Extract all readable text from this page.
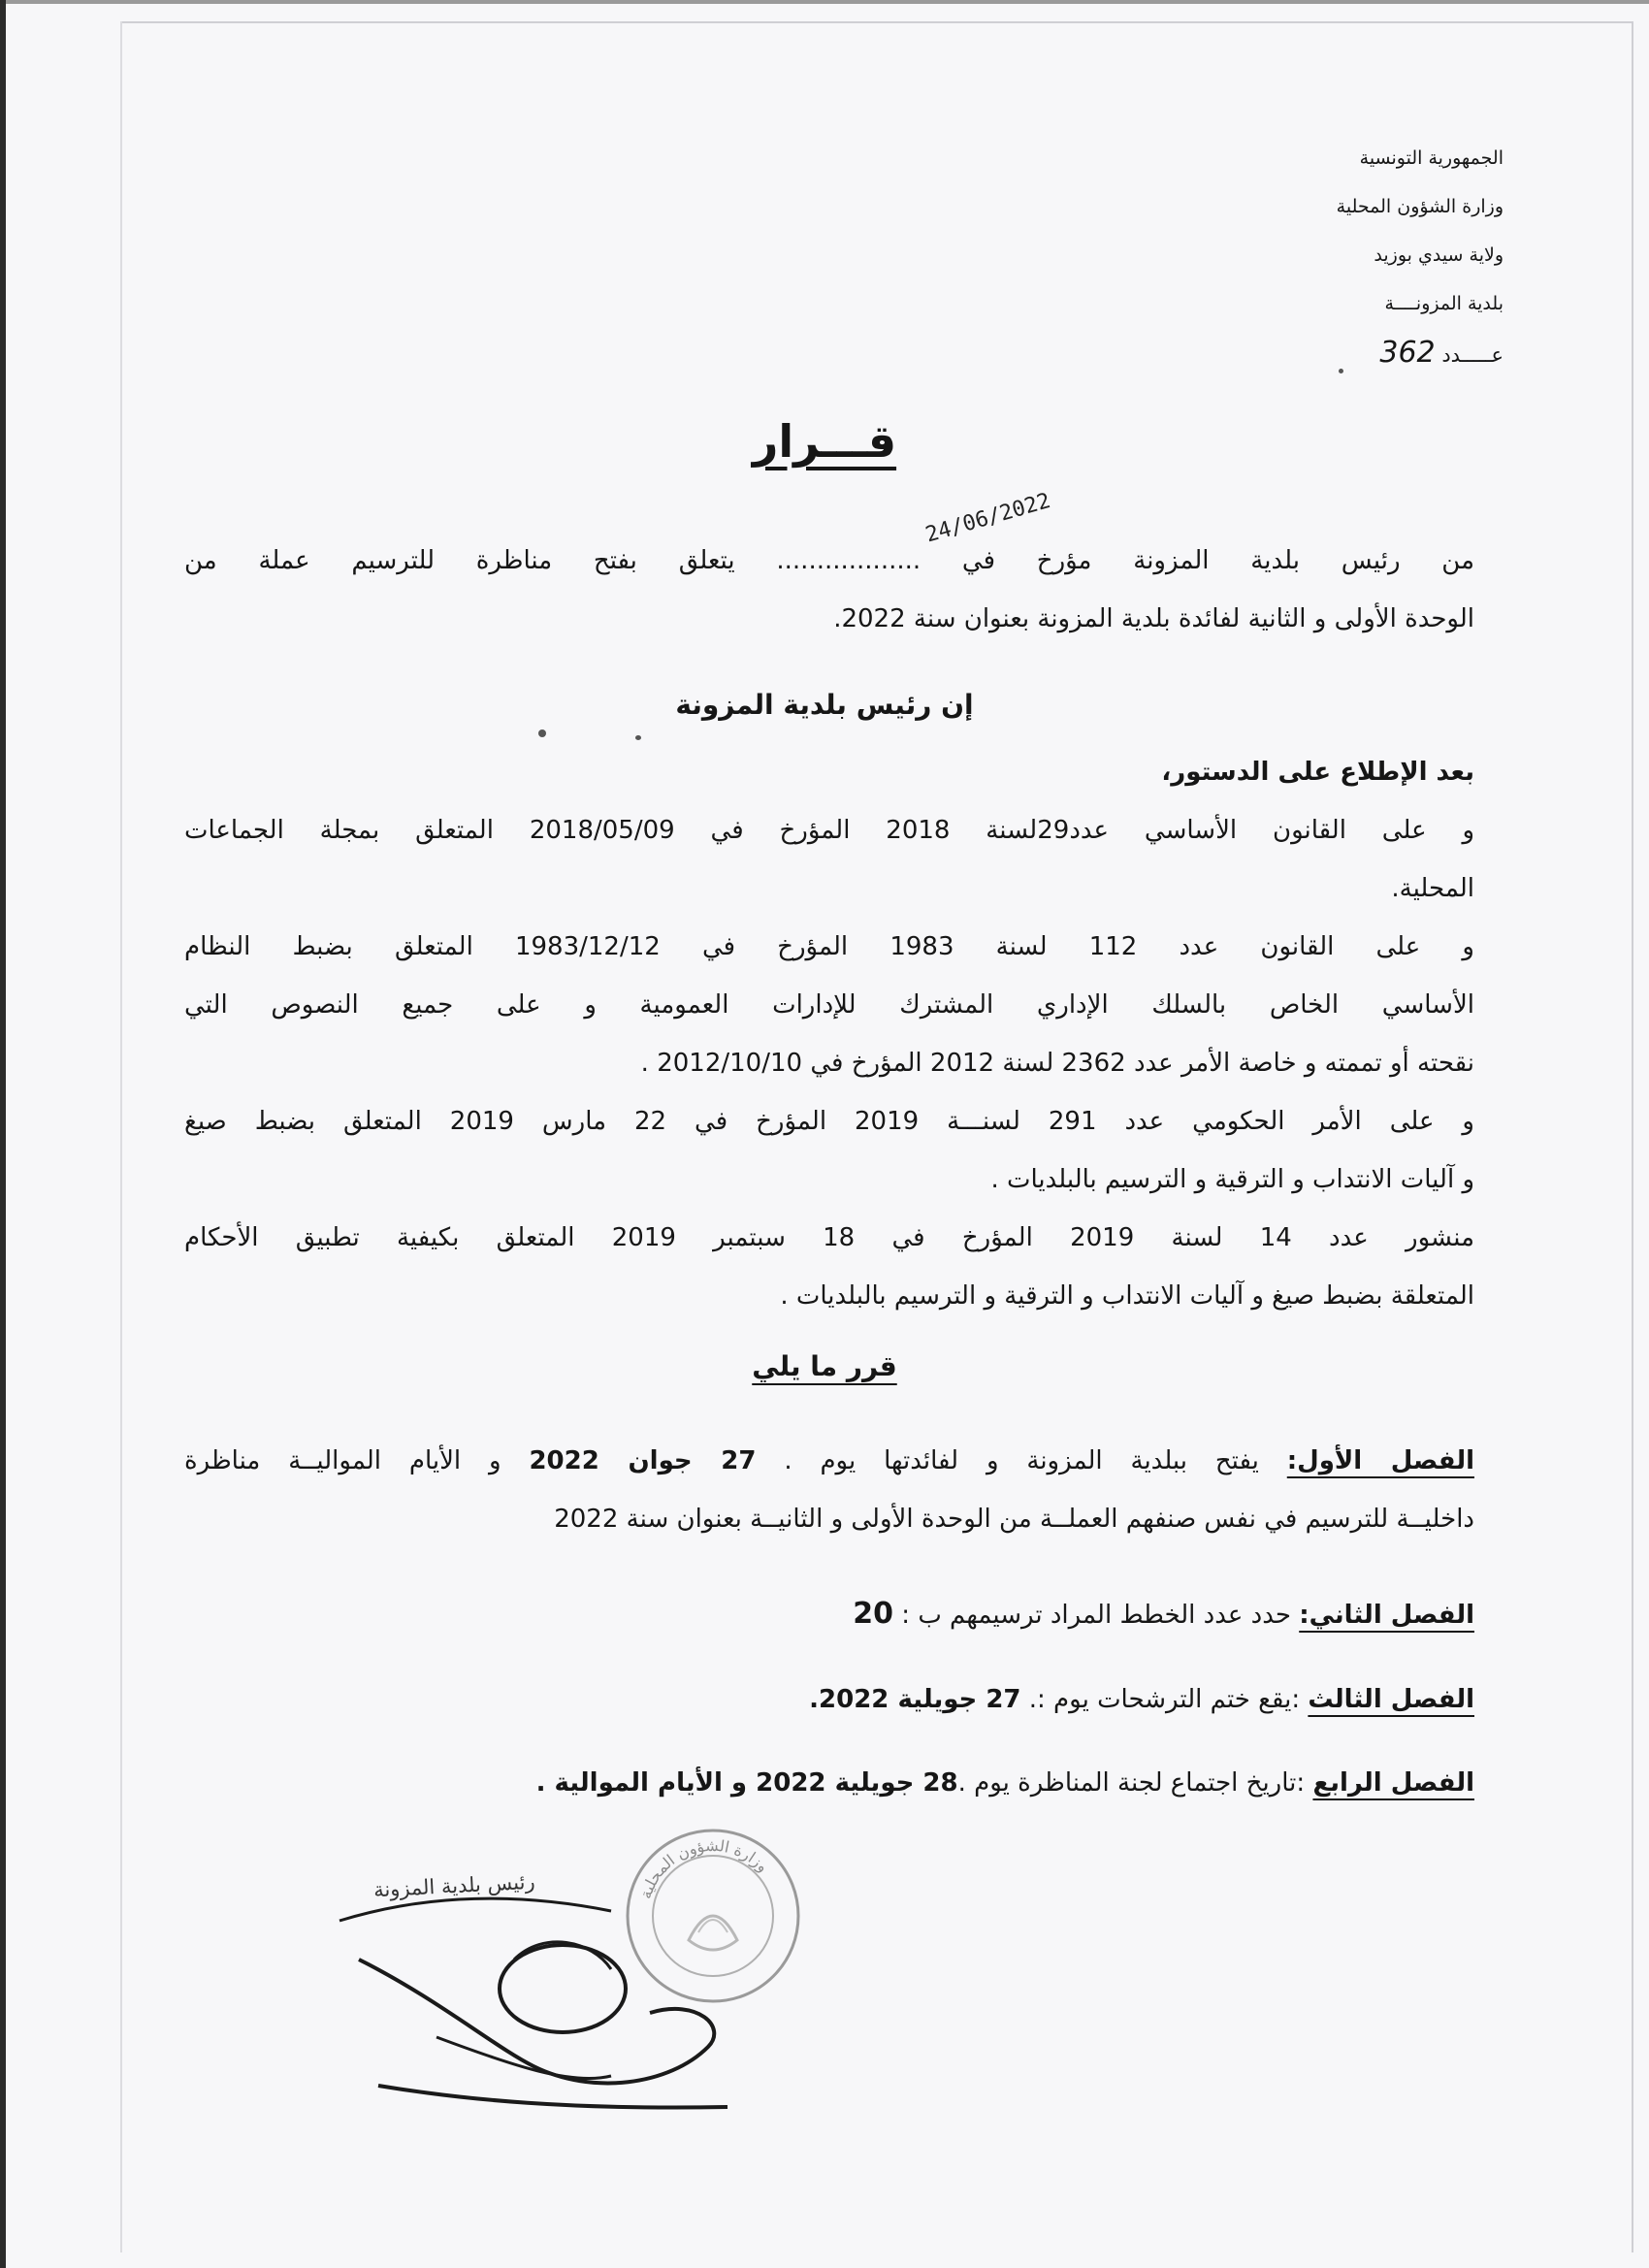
الجمهورية التونسية
وزارة الشؤون المحلية
ولاية سيدي بوزيد
بلدية المزونــــة
عـــــدد 362
قـــرار
24/06/2022
من رئيس بلدية المزونة مؤرخ في .................. يتعلق بفتح مناظرة للترسيم عملة من
الوحدة الأولى و الثانية لفائدة بلدية المزونة بعنوان سنة 2022.
إن رئيس بلدية المزونة
بعد الإطلاع على الدستور،
و على القانون الأساسي عدد29لسنة 2018 المؤرخ في 2018/05/09 المتعلق بمجلة الجماعات
المحلية.
و على القانون عدد 112 لسنة 1983 المؤرخ في 1983/12/12 المتعلق بضبط النظام
الأساسي الخاص بالسلك الإداري المشترك للإدارات العمومية و على جميع النصوص التي
نقحته أو تممته و خاصة الأمر عدد 2362 لسنة 2012 المؤرخ في 2012/10/10 .
و على الأمر الحكومي عدد 291 لسنـــة 2019 المؤرخ في 22 مارس 2019 المتعلق بضبط صيغ
و آليات الانتداب و الترقية و الترسيم بالبلديات .
منشور عدد 14 لسنة 2019 المؤرخ في 18 سبتمبر 2019 المتعلق بكيفية تطبيق الأحكام
المتعلقة بضبط صيغ و آليات الانتداب و الترقية و الترسيم بالبلديات .
قرر ما يلي
الفصل الأول: يفتح ببلدية المزونة و لفائدتها يوم . 27 جوان 2022 و الأيام المواليــة مناظرة
داخليــة للترسيم في نفس صنفهم العملــة من الوحدة الأولى و الثانيــة بعنوان سنة 2022
الفصل الثاني: حدد عدد الخطط المراد ترسيمهم ب : 20
الفصل الثالث :يقع ختم الترشحات يوم :. 27 جويلية 2022.
الفصل الرابع :تاريخ اجتماع لجنة المناظرة يوم .28 جويلية 2022 و الأيام الموالية .
وزارة الشؤون المحلية
رئيس بلدية المزونة
